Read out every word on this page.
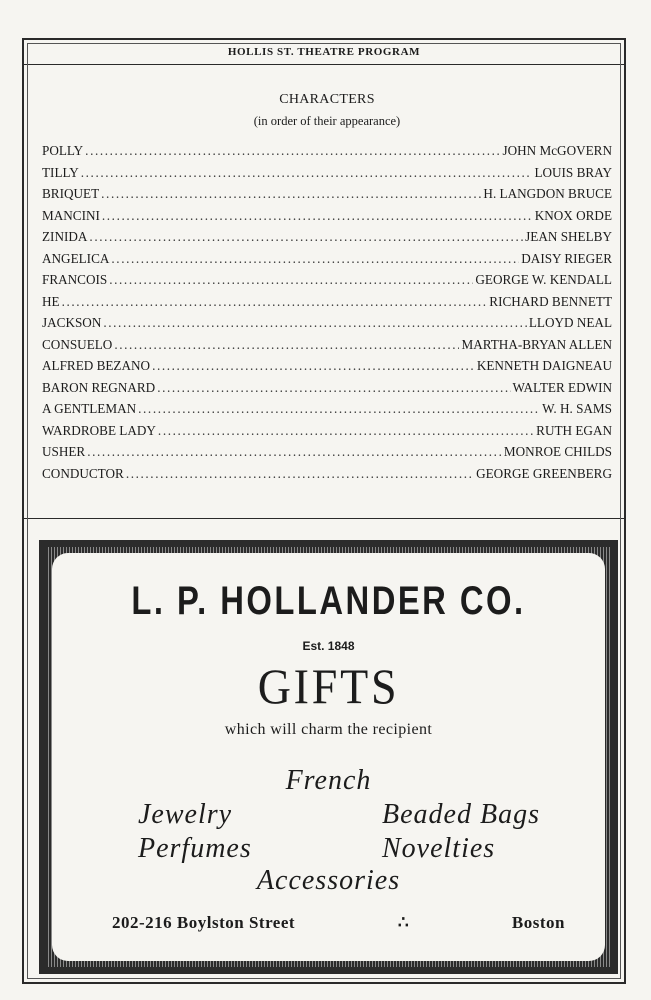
HOLLIS ST. THEATRE PROGRAM

CHARACTERS

(in order of their appearance)

POLLY .....	JOHN McGOVERN
TILLY .....	LOUIS BRAY
BRIQUET .....	H. LANGDON BRUCE
MANCINI .....	KNOX ORDE
ZINIDA .....	JEAN SHELBY
ANGELICA .....	DAISY RIEGER
FRANCOIS .....	GEORGE W. KENDALL
HE .....	RICHARD BENNETT
JACKSON .....	LLOYD NEAL
CONSUELO .....	MARTHA-BRYAN ALLEN
ALFRED BEZANO .....	KENNETH DAIGNEAU
BARON REGNARD .....	WALTER EDWIN
A GENTLEMAN .....	W. H. SAMS
WARDROBE LADY .....	RUTH EGAN
USHER .....	MONROE CHILDS
CONDUCTOR .....	GEORGE GREENBERG
L. P. HOLLANDER CO.
Est. 1848
GIFTS
which will charm the recipient
French
Jewelry	Beaded Bags
Perfumes	Novelties
Accessories
202-216 Boylston Street	∴	Boston
